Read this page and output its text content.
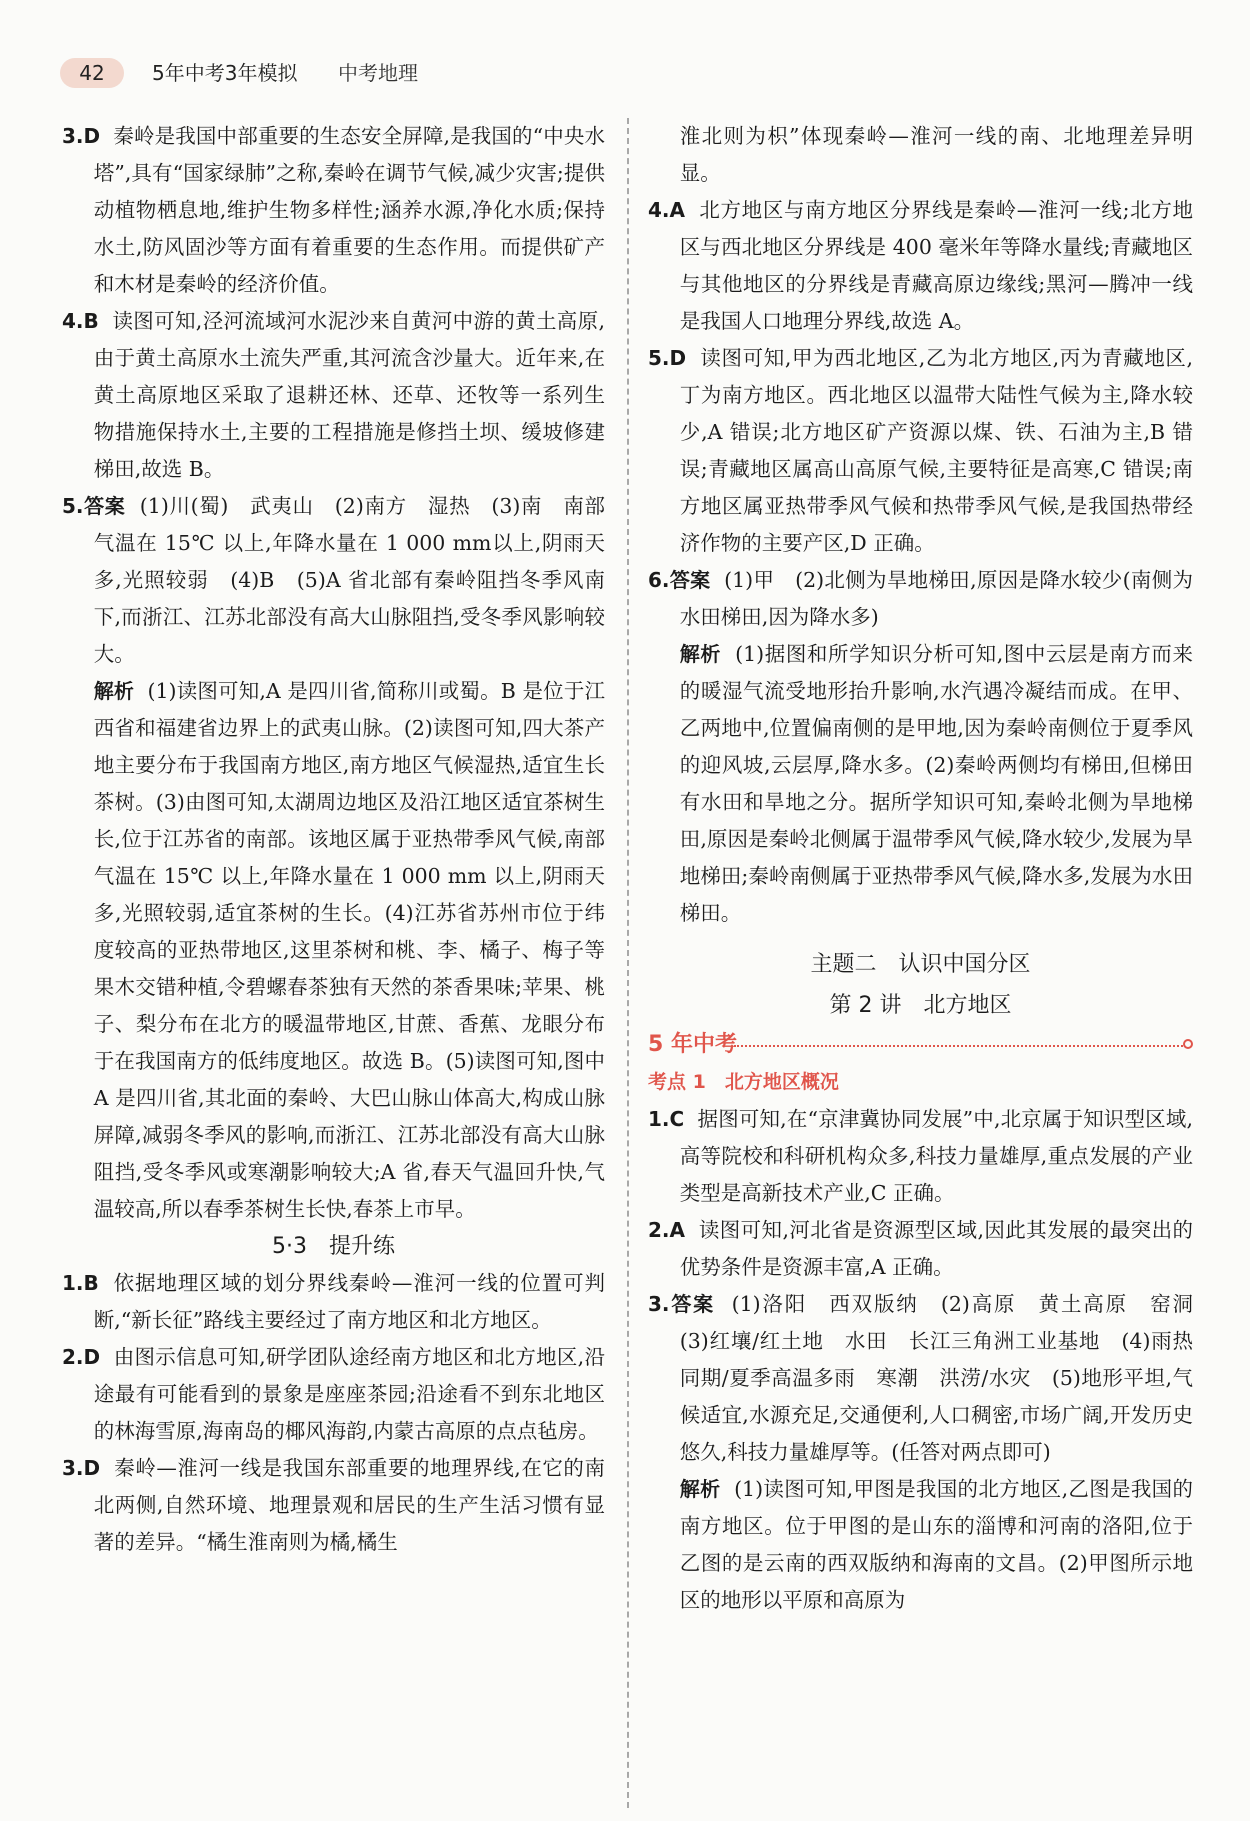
42	5年中考3年模拟 中考地理
3.D 秦岭是我国中部重要的生态安全屏障,是我国的“中央水塔”,具有“国家绿肺”之称,秦岭在调节气候,减少灾害;提供动植物栖息地,维护生物多样性;涵养水源,净化水质;保持水土,防风固沙等方面有着重要的生态作用。而提供矿产和木材是秦岭的经济价值。
4.B 读图可知,泾河流域河水泥沙来自黄河中游的黄土高原,由于黄土高原水土流失严重,其河流含沙量大。近年来,在黄土高原地区采取了退耕还林、还草、还牧等一系列生物措施保持水土,主要的工程措施是修挡土坝、缓坡修建梯田,故选 B。
5.答案 (1)川(蜀)　武夷山　(2)南方　湿热　(3)南　南部气温在 15℃ 以上,年降水量在 1 000 mm以上,阴雨天多,光照较弱　(4)B　(5)A 省北部有秦岭阻挡冬季风南下,而浙江、江苏北部没有高大山脉阻挡,受冬季风影响较大。
解析 (1)读图可知,A 是四川省,简称川或蜀。B 是位于江西省和福建省边界上的武夷山脉。(2)读图可知,四大茶产地主要分布于我国南方地区,南方地区气候湿热,适宜生长茶树。(3)由图可知,太湖周边地区及沿江地区适宜茶树生长,位于江苏省的南部。该地区属于亚热带季风气候,南部气温在 15℃ 以上,年降水量在 1 000 mm 以上,阴雨天多,光照较弱,适宜茶树的生长。(4)江苏省苏州市位于纬度较高的亚热带地区,这里茶树和桃、李、橘子、梅子等果木交错种植,令碧螺春茶独有天然的茶香果味;苹果、桃子、梨分布在北方的暖温带地区,甘蔗、香蕉、龙眼分布于在我国南方的低纬度地区。故选 B。(5)读图可知,图中 A 是四川省,其北面的秦岭、大巴山脉山体高大,构成山脉屏障,减弱冬季风的影响,而浙江、江苏北部没有高大山脉阻挡,受冬季风或寒潮影响较大;A 省,春天气温回升快,气温较高,所以春季茶树生长快,春茶上市早。
5·3　提升练
1.B 依据地理区域的划分界线秦岭—淮河一线的位置可判断,“新长征”路线主要经过了南方地区和北方地区。
2.D 由图示信息可知,研学团队途经南方地区和北方地区,沿途最有可能看到的景象是座座茶园;沿途看不到东北地区的林海雪原,海南岛的椰风海韵,内蒙古高原的点点毡房。
3.D 秦岭—淮河一线是我国东部重要的地理界线,在它的南北两侧,自然环境、地理景观和居民的生产生活习惯有显著的差异。“橘生淮南则为橘,橘生
淮北则为枳”体现秦岭—淮河一线的南、北地理差异明显。
4.A 北方地区与南方地区分界线是秦岭—淮河一线;北方地区与西北地区分界线是 400 毫米年等降水量线;青藏地区与其他地区的分界线是青藏高原边缘线;黑河—腾冲一线是我国人口地理分界线,故选 A。
5.D 读图可知,甲为西北地区,乙为北方地区,丙为青藏地区,丁为南方地区。西北地区以温带大陆性气候为主,降水较少,A 错误;北方地区矿产资源以煤、铁、石油为主,B 错误;青藏地区属高山高原气候,主要特征是高寒,C 错误;南方地区属亚热带季风气候和热带季风气候,是我国热带经济作物的主要产区,D 正确。
6.答案 (1)甲　(2)北侧为旱地梯田,原因是降水较少(南侧为水田梯田,因为降水多)
解析 (1)据图和所学知识分析可知,图中云层是南方而来的暖湿气流受地形抬升影响,水汽遇冷凝结而成。在甲、乙两地中,位置偏南侧的是甲地,因为秦岭南侧位于夏季风的迎风坡,云层厚,降水多。(2)秦岭两侧均有梯田,但梯田有水田和旱地之分。据所学知识可知,秦岭北侧为旱地梯田,原因是秦岭北侧属于温带季风气候,降水较少,发展为旱地梯田;秦岭南侧属于亚热带季风气候,降水多,发展为水田梯田。
主题二　认识中国分区
第 2 讲　北方地区
5 年中考
考点 1　北方地区概况
1.C 据图可知,在“京津冀协同发展”中,北京属于知识型区域,高等院校和科研机构众多,科技力量雄厚,重点发展的产业类型是高新技术产业,C 正确。
2.A 读图可知,河北省是资源型区域,因此其发展的最突出的优势条件是资源丰富,A 正确。
3.答案 (1)洛阳　西双版纳　(2)高原　黄土高原　窑洞　(3)红壤/红土地　水田　长江三角洲工业基地　(4)雨热同期/夏季高温多雨　寒潮　洪涝/水灾　(5)地形平坦,气候适宜,水源充足,交通便利,人口稠密,市场广阔,开发历史悠久,科技力量雄厚等。(任答对两点即可)
解析 (1)读图可知,甲图是我国的北方地区,乙图是我国的南方地区。位于甲图的是山东的淄博和河南的洛阳,位于乙图的是云南的西双版纳和海南的文昌。(2)甲图所示地区的地形以平原和高原为
